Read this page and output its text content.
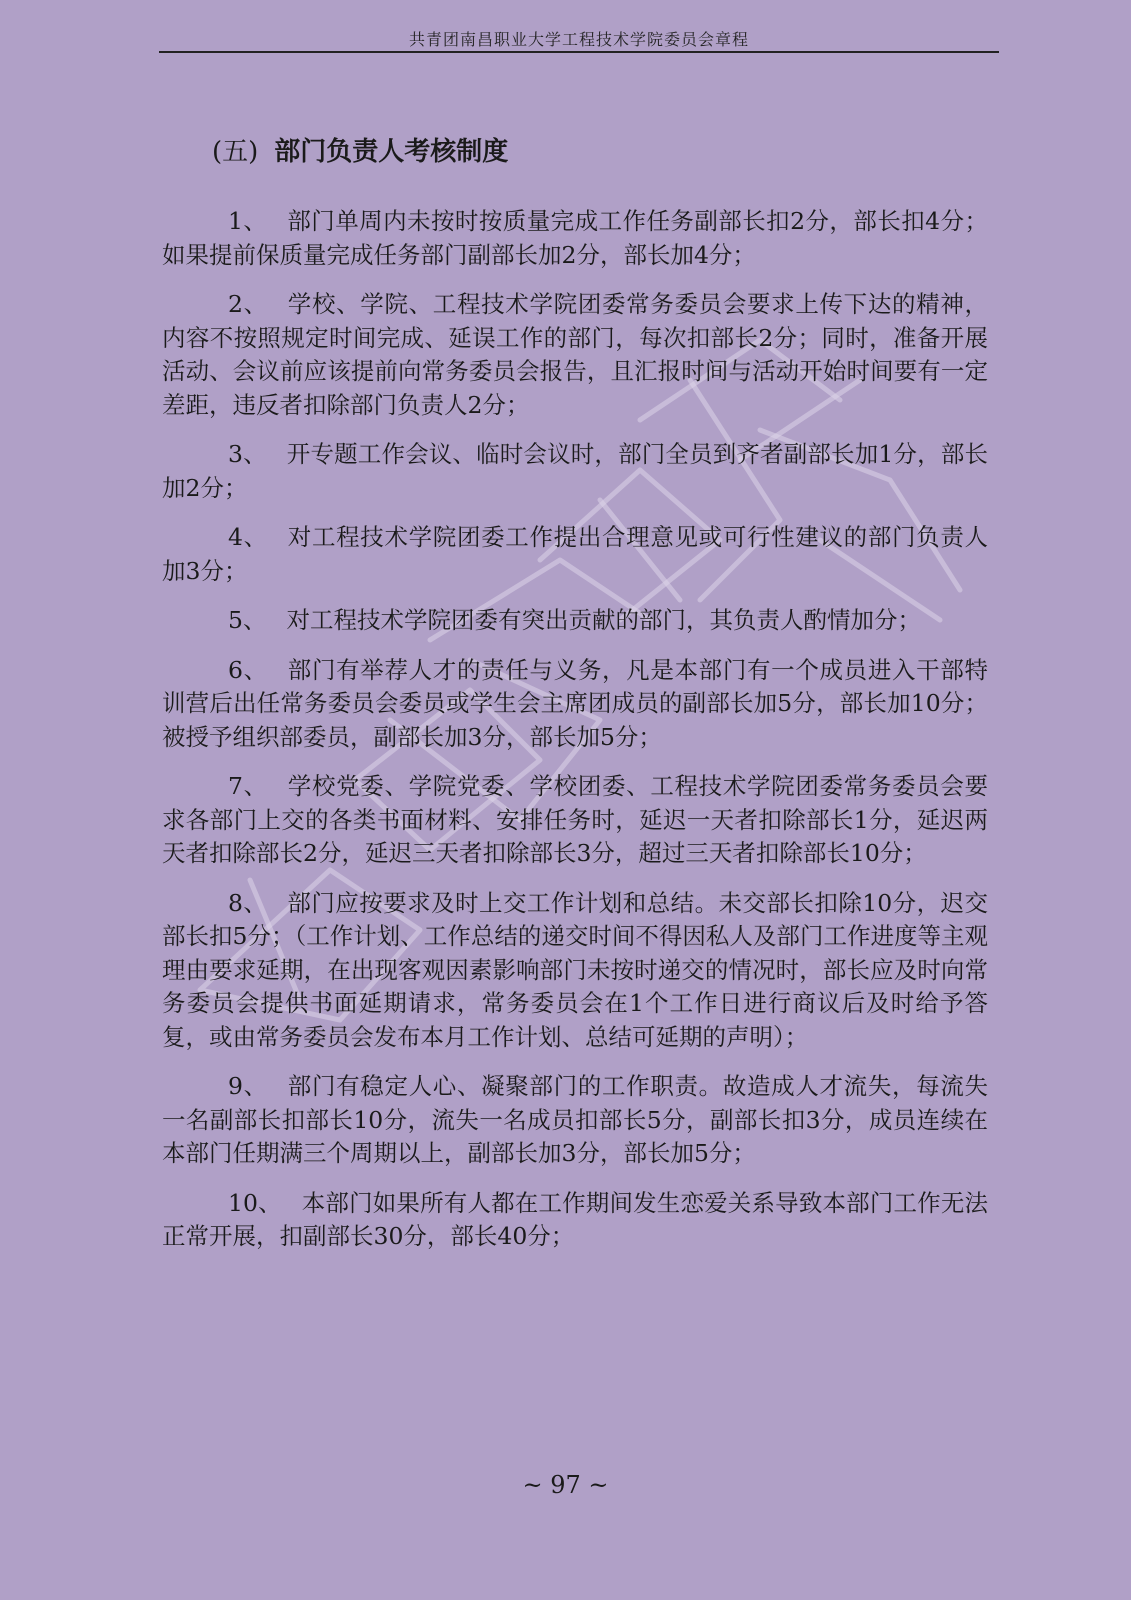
共青团南昌职业大学工程技术学院委员会章程
(五) 部门负责人考核制度

1、 部门单周内未按时按质量完成工作任务副部长扣2分，部长扣4分；如果提前保质量完成任务部门副部长加2分，部长加4分；

2、 学校、学院、工程技术学院团委常务委员会要求上传下达的精神，内容不按照规定时间完成、延误工作的部门，每次扣部长2分；同时，准备开展活动、会议前应该提前向常务委员会报告，且汇报时间与活动开始时间要有一定差距，违反者扣除部门负责人2分；

3、 开专题工作会议、临时会议时，部门全员到齐者副部长加1分，部长加2分；

4、 对工程技术学院团委工作提出合理意见或可行性建议的部门负责人加3分；

5、 对工程技术学院团委有突出贡献的部门，其负责人酌情加分；

6、 部门有举荐人才的责任与义务，凡是本部门有一个成员进入干部特训营后出任常务委员会委员或学生会主席团成员的副部长加5分，部长加10分；被授予组织部委员，副部长加3分，部长加5分；

7、 学校党委、学院党委、学校团委、工程技术学院团委常务委员会要求各部门上交的各类书面材料、安排任务时，延迟一天者扣除部长1分，延迟两天者扣除部长2分，延迟三天者扣除部长3分，超过三天者扣除部长10分；

8、 部门应按要求及时上交工作计划和总结。未交部长扣除10分，迟交部长扣5分；（工作计划、工作总结的递交时间不得因私人及部门工作进度等主观理由要求延期，在出现客观因素影响部门未按时递交的情况时，部长应及时向常务委员会提供书面延期请求，常务委员会在1个工作日进行商议后及时给予答复，或由常务委员会发布本月工作计划、总结可延期的声明）；

9、 部门有稳定人心、凝聚部门的工作职责。故造成人才流失，每流失一名副部长扣部长10分，流失一名成员扣部长5分，副部长扣3分，成员连续在本部门任期满三个周期以上，副部长加3分，部长加5分；

10、 本部门如果所有人都在工作期间发生恋爱关系导致本部门工作无法正常开展，扣副部长30分，部长40分；

~ 97 ~
